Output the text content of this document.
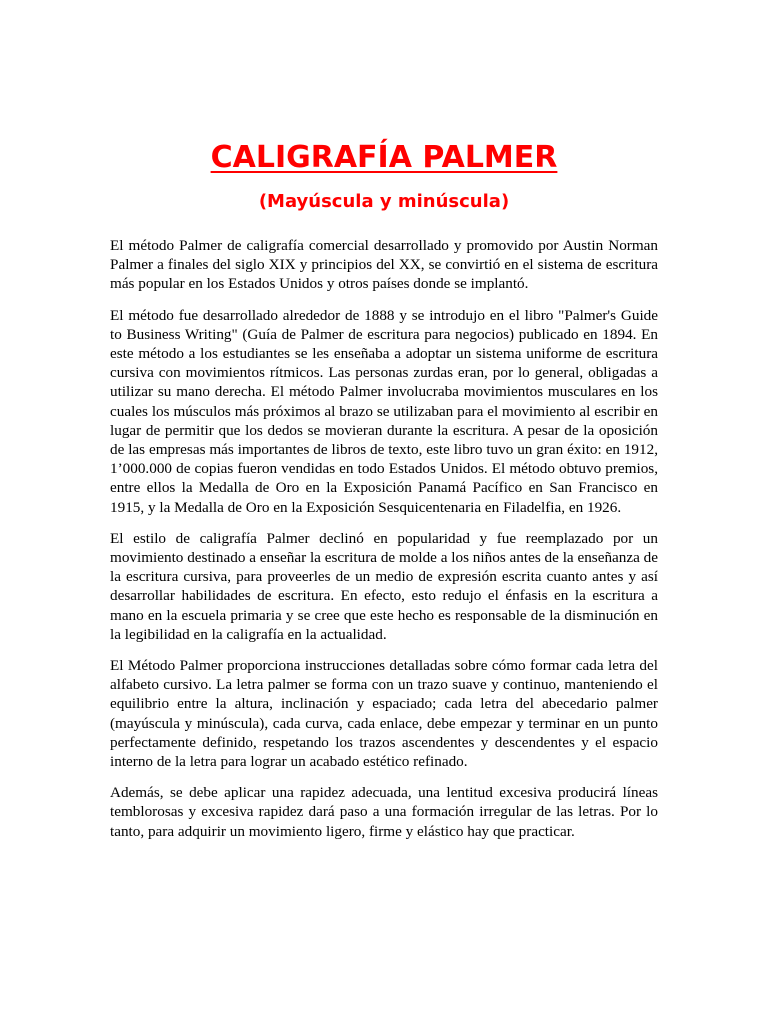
CALIGRAFÍA PALMER
(Mayúscula y minúscula)

El método Palmer de caligrafía comercial desarrollado y promovido por Austin Norman Palmer a finales del siglo XIX y principios del XX, se convirtió en el sistema de escritura más popular en los Estados Unidos y otros países donde se implantó.

El método fue desarrollado alrededor de 1888 y se introdujo en el libro "Palmer's Guide to Business Writing" (Guía de Palmer de escritura para negocios) publicado en 1894. En este método a los estudiantes se les enseñaba a adoptar un sistema uniforme de escritura cursiva con movimientos rítmicos. Las personas zurdas eran, por lo general, obligadas a utilizar su mano derecha. El método Palmer involucraba movimientos musculares en los cuales los músculos más próximos al brazo se utilizaban para el movimiento al escribir en lugar de permitir que los dedos se movieran durante la escritura. A pesar de la oposición de las empresas más importantes de libros de texto, este libro tuvo un gran éxito: en 1912, 1’000.000 de copias fueron vendidas en todo Estados Unidos. El método obtuvo premios, entre ellos la Medalla de Oro en la Exposición Panamá Pacífico en San Francisco en 1915, y la Medalla de Oro en la Exposición Sesquicentenaria en Filadelfia, en 1926.

El estilo de caligrafía Palmer declinó en popularidad y fue reemplazado por un movimiento destinado a enseñar la escritura de molde a los niños antes de la enseñanza de la escritura cursiva, para proveerles de un medio de expresión escrita cuanto antes y así desarrollar habilidades de escritura. En efecto, esto redujo el énfasis en la escritura a mano en la escuela primaria y se cree que este hecho es responsable de la disminución en la legibilidad en la caligrafía en la actualidad.

El Método Palmer proporciona instrucciones detalladas sobre cómo formar cada letra del alfabeto cursivo. La letra palmer se forma con un trazo suave y continuo, manteniendo el equilibrio entre la altura, inclinación y espaciado; cada letra del abecedario palmer (mayúscula y minúscula), cada curva, cada enlace, debe empezar y terminar en un punto perfectamente definido, respetando los trazos ascendentes y descendentes y el espacio interno de la letra para lograr un acabado estético refinado.

Además, se debe aplicar una rapidez adecuada, una lentitud excesiva producirá líneas temblorosas y excesiva rapidez dará paso a una formación irregular de las letras. Por lo tanto, para adquirir un movimiento ligero, firme y elástico hay que practicar.
